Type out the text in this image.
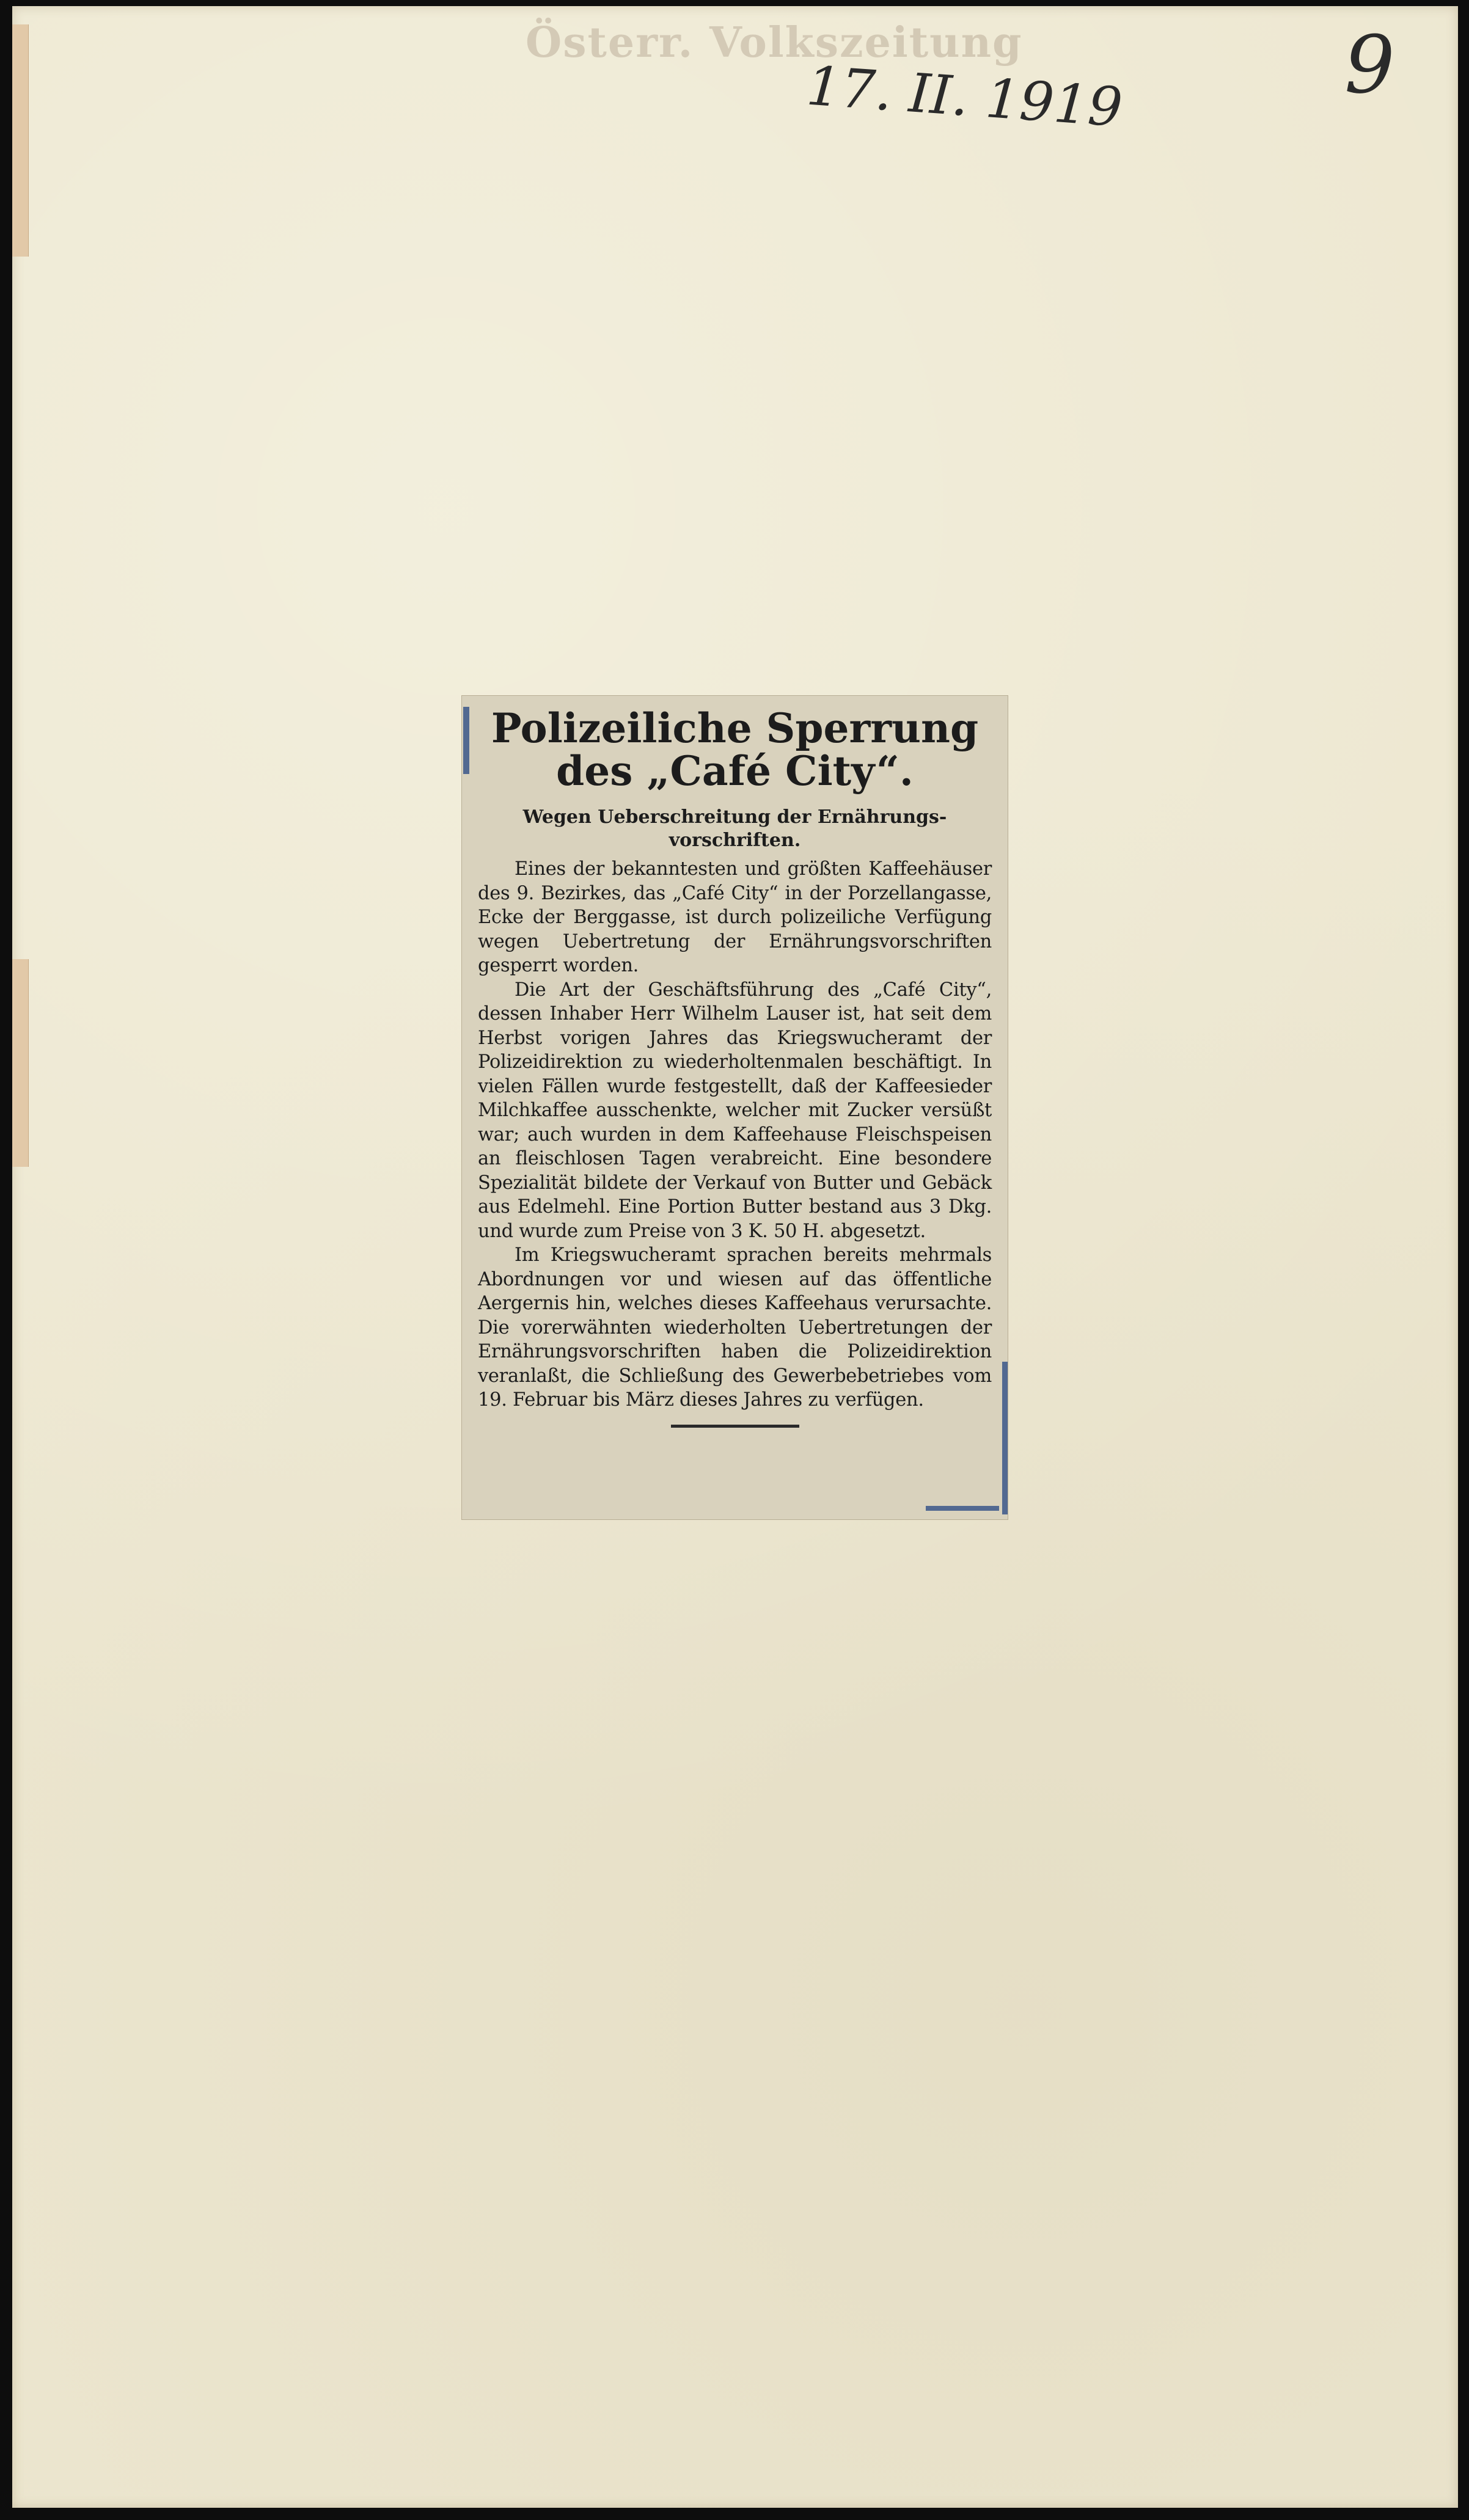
Österr. Volkszeitung
17. II. 1919	9
Polizeiliche Sperrung des „Café City“.

Wegen Ueberschreitung der Ernährungs-vorschriften.

Eines der bekanntesten und größten Kaffeehäuser des 9. Bezirkes, das „Café City“ in der Porzellangasse, Ecke der Berggasse, ist durch polizeiliche Verfügung wegen Uebertretung der Ernährungsvorschriften gesperrt worden.

Die Art der Geschäftsführung des „Café City“, dessen Inhaber Herr Wilhelm Lauser ist, hat seit dem Herbst vorigen Jahres das Kriegswucheramt der Polizeidirektion zu wiederholtenmalen beschäftigt. In vielen Fällen wurde festgestellt, daß der Kaffeesieder Milchkaffee ausschenkte, welcher mit Zucker versüßt war; auch wurden in dem Kaffeehause Fleischspeisen an fleischlosen Tagen verabreicht. Eine besondere Spezialität bildete der Verkauf von Butter und Gebäck aus Edelmehl. Eine Portion Butter bestand aus 3 Dkg. und wurde zum Preise von 3 K. 50 H. abgesetzt.

Im Kriegswucheramt sprachen bereits mehrmals Abordnungen vor und wiesen auf das öffentliche Aergernis hin, welches dieses Kaffeehaus verursachte. Die vorerwähnten wiederholten Uebertretungen der Ernährungsvorschriften haben die Polizeidirektion veranlaßt, die Schließung des Gewerbebetriebes vom 19. Februar bis März dieses Jahres zu verfügen.
